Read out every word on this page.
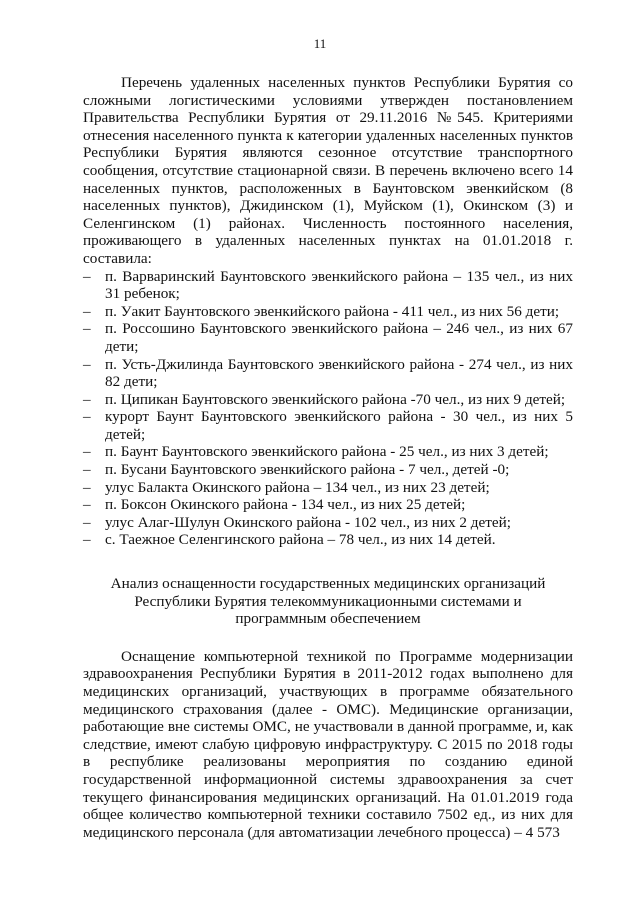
11

Перечень удаленных населенных пунктов Республики Бурятия со сложными логистическими условиями утвержден постановлением Правительства Республики Бурятия от 29.11.2016 №545. Критериями отнесения населенного пункта к категории удаленных населенных пунктов Республики Бурятия являются сезонное отсутствие транспортного сообщения, отсутствие стационарной связи. В перечень включено всего 14 населенных пунктов, расположенных в Баунтовском эвенкийском (8 населенных пунктов), Джидинском (1), Муйском (1), Окинском (3) и Селенгинском (1) районах. Численность постоянного населения, проживающего в удаленных населенных пунктах на 01.01.2018 г. составила:

– п. Варваринский Баунтовского эвенкийского района – 135 чел., из них 31 ребенок;
– п. Уакит Баунтовского эвенкийского района - 411 чел., из них 56 дети;
– п. Россошино Баунтовского эвенкийского района – 246 чел., из них 67 дети;
– п. Усть-Джилинда Баунтовского эвенкийского района - 274 чел., из них 82 дети;
– п. Ципикан Баунтовского эвенкийского района -70 чел., из них 9 детей;
– курорт Баунт Баунтовского эвенкийского района - 30 чел., из них 5 детей;
– п. Баунт Баунтовского эвенкийского района - 25 чел., из них 3 детей;
– п. Бусани Баунтовского эвенкийского района - 7 чел., детей -0;
– улус Балакта Окинского района – 134 чел., из них 23 детей;
– п. Боксон Окинского района - 134 чел., из них 25 детей;
– улус Алаг-Шулун Окинского района - 102 чел., из них 2 детей;
– с. Таежное Селенгинского района – 78 чел., из них 14 детей.
Анализ оснащенности государственных медицинских организаций Республики Бурятия телекоммуникационными системами и программным обеспечением

Оснащение компьютерной техникой по Программе модернизации здравоохранения Республики Бурятия в 2011-2012 годах выполнено для медицинских организаций, участвующих в программе обязательного медицинского страхования (далее - ОМС). Медицинские организации, работающие вне системы ОМС, не участвовали в данной программе, и, как следствие, имеют слабую цифровую инфраструктуру. С 2015 по 2018 годы в республике реализованы мероприятия по созданию единой государственной информационной системы здравоохранения за счет текущего финансирования медицинских организаций. На 01.01.2019 года общее количество компьютерной техники составило 7502 ед., из них для медицинского персонала (для автоматизации лечебного процесса) – 4 573
